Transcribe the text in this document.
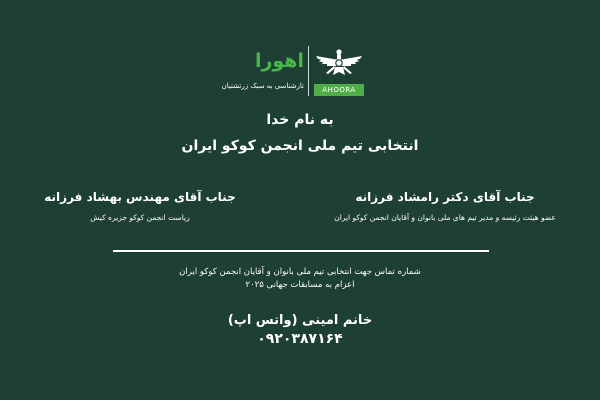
اهورا
تارشناسی به سبک زرتشتیان	AHOORA
به نام خدا
انتخابی تیم ملی انجمن کوکو ایران
جناب آقای دکتر رامشاد فرزانه
عضو هیئت رئیسه و مدیر تیم های ملی بانوان و آقایان انجمن کوکو ایران
جناب آقای مهندس بهشاد فرزانه
ریاست انجمن کوکو جزیره کیش
شماره تماس جهت انتخابی تیم ملی بانوان و آقایان انجمن کوکو ایران
اعزام به مسابقات جهانی ۲۰۲۵
خانم امینی (واتس اپ)
۰۹۲۰۳۸۷۱۶۴
